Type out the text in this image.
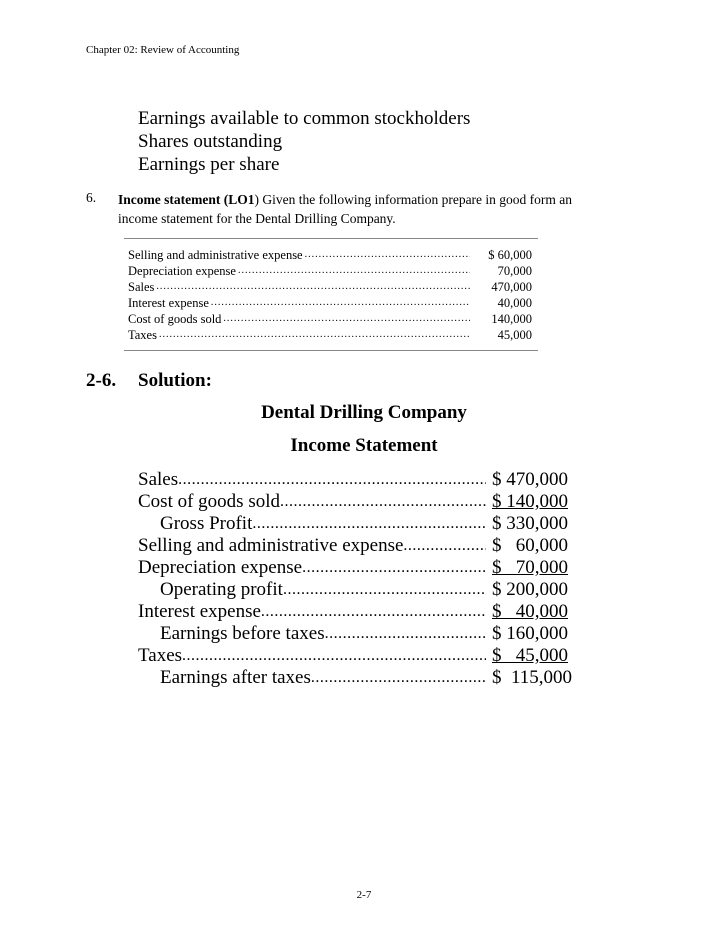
Chapter 02: Review of Accounting
Earnings available to common stockholders
Shares outstanding
Earnings per share
6. Income statement (LO1) Given the following information prepare in good form an income statement for the Dental Drilling Company.
Selling and administrative expense .....	$ 60,000
Depreciation expense .....	70,000
Sales .....	470,000
Interest expense .....	40,000
Cost of goods sold .....	140,000
Taxes .....	45,000
2-6. Solution:
Dental Drilling Company
Income Statement
Sales .....	$ 470,000
Cost of goods sold .....	$ 140,000
Gross Profit .....	$ 330,000
Selling and administrative expense .....	$   60,000
Depreciation expense .....	$   70,000
Operating profit .....	$ 200,000
Interest expense .....	$   40,000
Earnings before taxes .....	$ 160,000
Taxes .....	$   45,000
Earnings after taxes .....	$  115,000
2-7
